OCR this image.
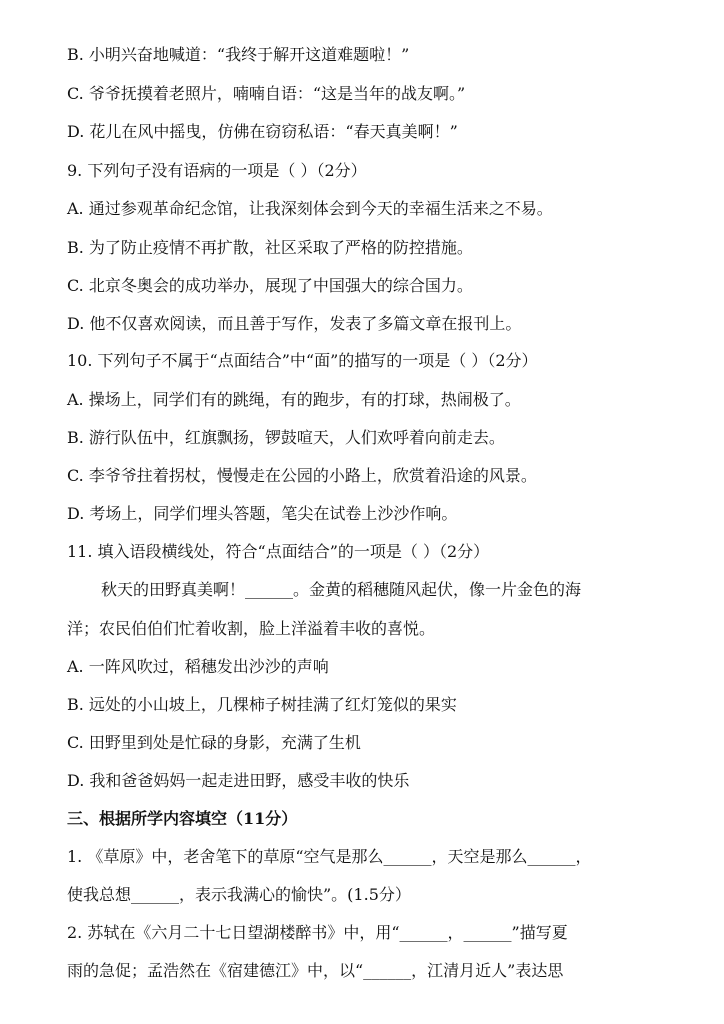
B. 小明兴奋地喊道：“我终于解开这道难题啦！”
C. 爷爷抚摸着老照片，喃喃自语：“这是当年的战友啊。”
D. 花儿在风中摇曳，仿佛在窃窃私语：“春天真美啊！”
9. 下列句子没有语病的一项是（ ）（2分）
A. 通过参观革命纪念馆，让我深刻体会到今天的幸福生活来之不易。
B. 为了防止疫情不再扩散，社区采取了严格的防控措施。
C. 北京冬奥会的成功举办，展现了中国强大的综合国力。
D. 他不仅喜欢阅读，而且善于写作，发表了多篇文章在报刊上。
10. 下列句子不属于“点面结合”中“面”的描写的一项是（ ）（2分）
A. 操场上，同学们有的跳绳，有的跑步，有的打球，热闹极了。
B. 游行队伍中，红旗飘扬，锣鼓喧天，人们欢呼着向前走去。
C. 李爷爷拄着拐杖，慢慢走在公园的小路上，欣赏着沿途的风景。
D. 考场上，同学们埋头答题，笔尖在试卷上沙沙作响。
11. 填入语段横线处，符合“点面结合”的一项是（ ）（2分）
秋天的田野真美啊！______。金黄的稻穗随风起伏，像一片金色的海
洋；农民伯伯们忙着收割，脸上洋溢着丰收的喜悦。
A. 一阵风吹过，稻穗发出沙沙的声响
B. 远处的小山坡上，几棵柿子树挂满了红灯笼似的果实
C. 田野里到处是忙碌的身影，充满了生机
D. 我和爸爸妈妈一起走进田野，感受丰收的快乐
三、根据所学内容填空（11分）
1. 《草原》中，老舍笔下的草原“空气是那么______，天空是那么______，
使我总想______，表示我满心的愉快”。(1.5分）
2. 苏轼在《六月二十七日望湖楼醉书》中，用“______，______”描写夏
雨的急促；孟浩然在《宿建德江》中，以“______，江清月近人”表达思
